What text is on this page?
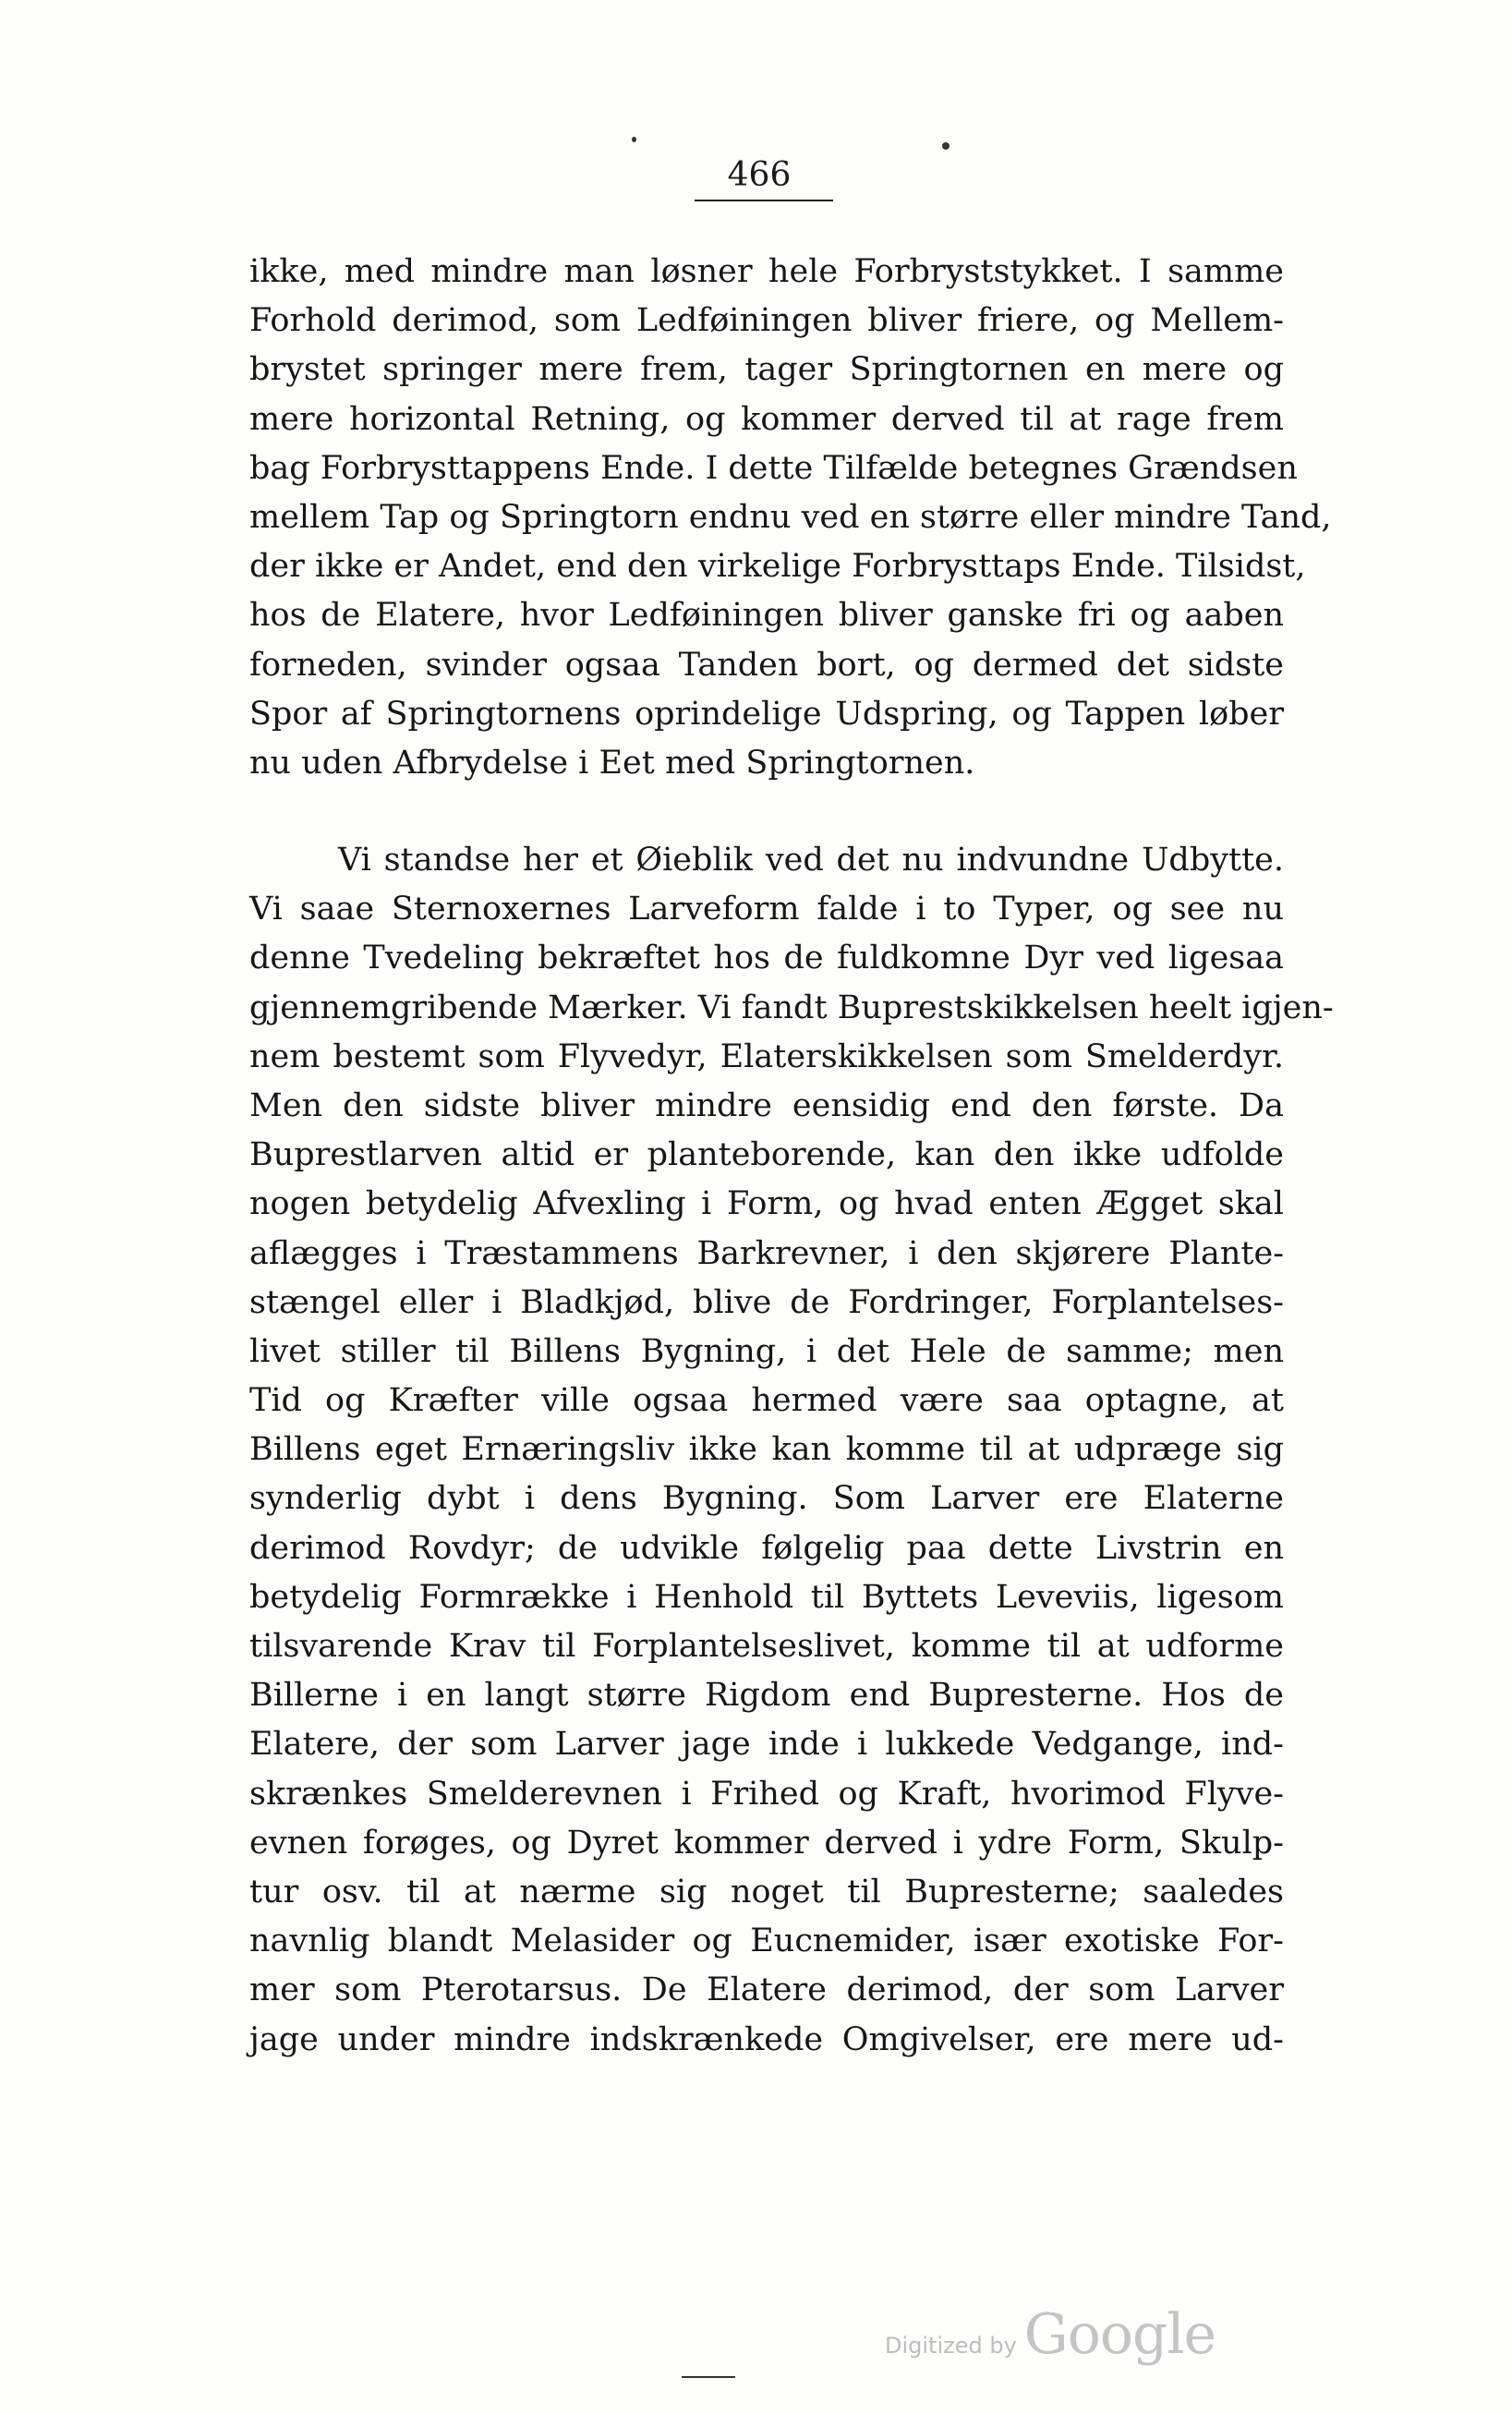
466

ikke, med mindre man løsner hele Forbryststykket. I samme
Forhold derimod, som Ledføiningen bliver friere, og Mellem-
brystet springer mere frem, tager Springtornen en mere og
mere horizontal Retning, og kommer derved til at rage frem
bag Forbrysttappens Ende. I dette Tilfælde betegnes Grændsen
mellem Tap og Springtorn endnu ved en større eller mindre Tand,
der ikke er Andet, end den virkelige Forbrysttaps Ende. Tilsidst,
hos de Elatere, hvor Ledføiningen bliver ganske fri og aaben
forneden, svinder ogsaa Tanden bort, og dermed det sidste
Spor af Springtornens oprindelige Udspring, og Tappen løber
nu uden Afbrydelse i Eet med Springtornen.
Vi standse her et Øieblik ved det nu indvundne Udbytte.
Vi saae Sternoxernes Larveform falde i to Typer, og see nu
denne Tvedeling bekræftet hos de fuldkomne Dyr ved ligesaa
gjennemgribende Mærker. Vi fandt Buprestskikkelsen heelt igjen-
nem bestemt som Flyvedyr, Elaterskikkelsen som Smelderdyr.
Men den sidste bliver mindre eensidig end den første. Da
Buprestlarven altid er planteborende, kan den ikke udfolde
nogen betydelig Afvexling i Form, og hvad enten Ægget skal
aflægges i Træstammens Barkrevner, i den skjørere Plante-
stængel eller i Bladkjød, blive de Fordringer, Forplantelses-
livet stiller til Billens Bygning, i det Hele de samme; men
Tid og Kræfter ville ogsaa hermed være saa optagne, at
Billens eget Ernæringsliv ikke kan komme til at udpræge sig
synderlig dybt i dens Bygning. Som Larver ere Elaterne
derimod Rovdyr; de udvikle følgelig paa dette Livstrin en
betydelig Formrække i Henhold til Byttets Leveviis, ligesom
tilsvarende Krav til Forplantelseslivet, komme til at udforme
Billerne i en langt større Rigdom end Bupresterne. Hos de
Elatere, der som Larver jage inde i lukkede Vedgange, ind-
skrænkes Smelderevnen i Frihed og Kraft, hvorimod Flyve-
evnen forøges, og Dyret kommer derved i ydre Form, Skulp-
tur osv. til at nærme sig noget til Bupresterne; saaledes
navnlig blandt Melasider og Eucnemider, især exotiske For-
mer som Pterotarsus. De Elatere derimod, der som Larver
jage under mindre indskrænkede Omgivelser, ere mere ud-
Digitized by Google
